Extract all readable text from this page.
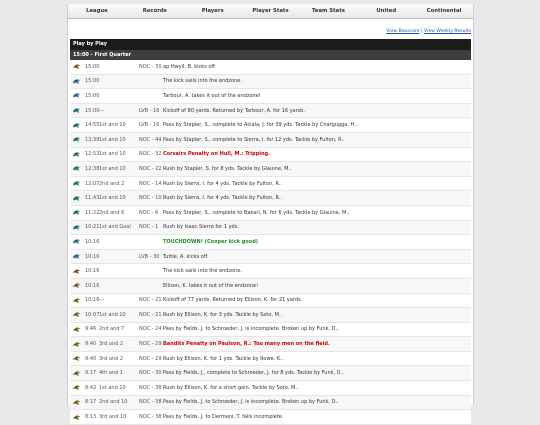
League	Records	Players	Player Stats	Team Stats	United	Continental
View Boxscore | View Weekly Results
Play by Play
15:00 - First Quarter
15:00	NOC - 30 ap Hwyll, B. kicks off.
15:00	The kick sails into the endzone.
15:00	Tarbour, A. takes it out of the endzone!
15:00 ---	LVB - 16 Kickoff of 80 yards. Returned by Tarbour, A. for 16 yards.
14:55 1st and 10	LVB - 16 Pass by Stapler, S., complete to Alcala, J. for 39 yds. Tackle by Chargugga, H..
13:39 1st and 10	NOC - 44 Pass by Stapler, S., complete to Sierra, I. for 12 yds. Tackle by Fulton, R..
12:53 1st and 10	NOC - 32 Corsairs Penalty on Hull, M.: Tripping.
12:38 1st and 10	NOC - 22 Rush by Stapler, S. for 8 yds. Tackle by Glauine, M..
12:07 2nd and 2	NOC - 14 Rush by Sierra, I. for 4 yds. Tackle by Fulton, R..
11:43 1st and 10	NOC - 10 Rush by Sierra, I. for 4 yds. Tackle by Fulton, R..
11:22 2nd and 6	NOC - 6 Pass by Stapler, S., complete to Bakari, N. for 6 yds. Tackle by Glauine, M..
10:21 1st and Goal	NOC - 1 Rush by Isaac Sierra for 1 yds.
10:16	TOUCHDOWN! (Cooper kick good)
10:16	LVB - 30 Tuttle, A. kicks off.
10:16	The kick sails into the endzone.
10:16	Ellison, K. takes it out of the endzone!
10:16 ---	NOC - 21 Kickoff of 77 yards. Returned by Ellison, K. for 21 yards.
10:07 1st and 10	NOC - 21 Rush by Ellison, K. for 3 yds. Tackle by Soto, M..
9:46 2nd and 7	NOC - 24 Pass by Fields, J. to Schroeder, J. is incomplete. Broken up by Funk, D..
9:40 3rd and 2	NOC - 29 Bandits Penalty on Paulson, R.: Too many men on the field.
9:40 3rd and 2	NOC - 29 Rush by Ellison, K. for 1 yds. Tackle by Rowe, K..
9:17 4th and 1	NOC - 30 Pass by Fields, J., complete to Schroeder, J. for 8 yds. Tackle by Funk, D..
8:42 1st and 10	NOC - 38 Rush by Ellison, K. for a short gain. Tackle by Soto, M..
8:17 2nd and 10	NOC - 38 Pass by Fields, J. to Schroeder, J. is incomplete. Broken up by Funk, D..
8:13 3rd and 10	NOC - 38 Pass by Fields, J. to Dermani, T. falls incomplete.
